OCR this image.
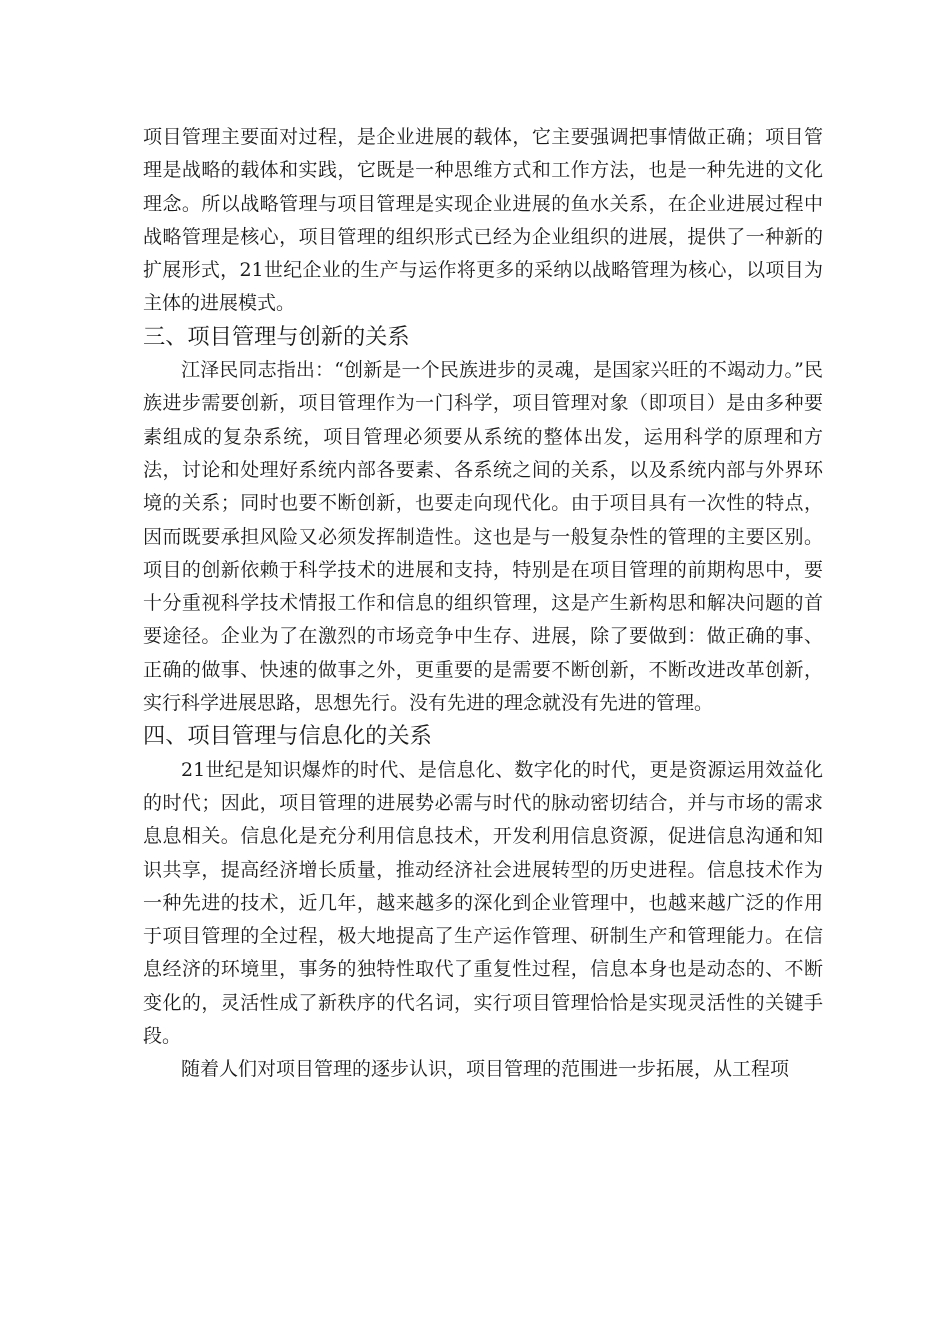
项目管理主要面对过程，是企业进展的载体，它主要强调把事情做正确；项目管理是战略的载体和实践，它既是一种思维方式和工作方法，也是一种先进的文化理念。所以战略管理与项目管理是实现企业进展的鱼水关系，在企业进展过程中战略管理是核心，项目管理的组织形式已经为企业组织的进展，提供了一种新的扩展形式，21世纪企业的生产与运作将更多的采纳以战略管理为核心，以项目为主体的进展模式。

三、项目管理与创新的关系

江泽民同志指出：“创新是一个民族进步的灵魂，是国家兴旺的不竭动力。”民族进步需要创新，项目管理作为一门科学，项目管理对象（即项目）是由多种要素组成的复杂系统，项目管理必须要从系统的整体出发，运用科学的原理和方法，讨论和处理好系统内部各要素、各系统之间的关系，以及系统内部与外界环境的关系；同时也要不断创新，也要走向现代化。由于项目具有一次性的特点，因而既要承担风险又必须发挥制造性。这也是与一般复杂性的管理的主要区别。项目的创新依赖于科学技术的进展和支持，特别是在项目管理的前期构思中，要十分重视科学技术情报工作和信息的组织管理，这是产生新构思和解决问题的首要途径。企业为了在激烈的市场竞争中生存、进展，除了要做到：做正确的事、正确的做事、快速的做事之外，更重要的是需要不断创新，不断改进改革创新，实行科学进展思路，思想先行。没有先进的理念就没有先进的管理。

四、项目管理与信息化的关系

21世纪是知识爆炸的时代、是信息化、数字化的时代，更是资源运用效益化的时代；因此，项目管理的进展势必需与时代的脉动密切结合，并与市场的需求息息相关。信息化是充分利用信息技术，开发利用信息资源，促进信息沟通和知识共享，提高经济增长质量，推动经济社会进展转型的历史进程。信息技术作为一种先进的技术，近几年，越来越多的深化到企业管理中，也越来越广泛的作用于项目管理的全过程，极大地提高了生产运作管理、研制生产和管理能力。在信息经济的环境里，事务的独特性取代了重复性过程，信息本身也是动态的、不断变化的，灵活性成了新秩序的代名词，实行项目管理恰恰是实现灵活性的关键手段。

随着人们对项目管理的逐步认识，项目管理的范围进一步拓展，从工程项
